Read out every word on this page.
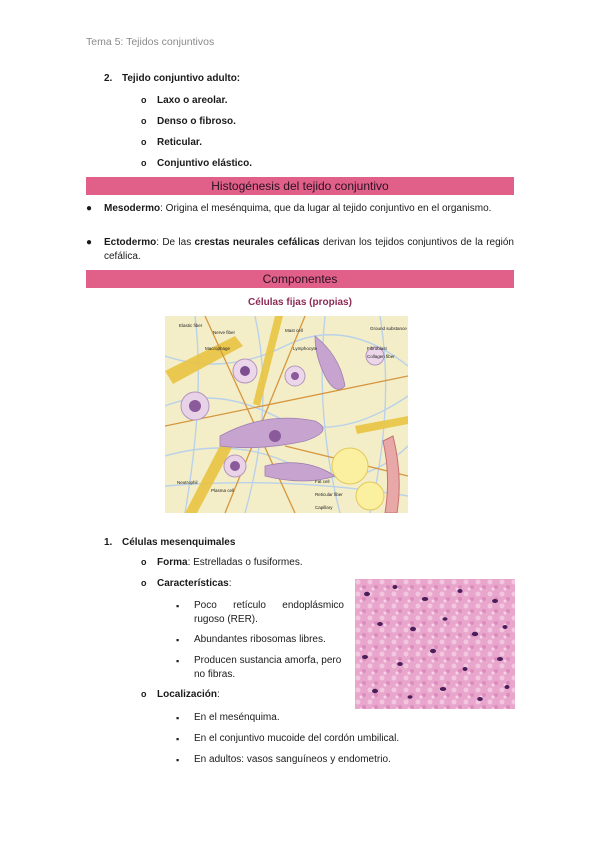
Tema 5: Tejidos conjuntivos
2. Tejido conjuntivo adulto:
o Laxo o areolar.
o Denso o fibroso.
o Reticular.
o Conjuntivo elástico.
Histogénesis del tejido conjuntivo
● Mesodermo: Origina el mesénquima, que da lugar al tejido conjuntivo en el organismo.
● Ectodermo: De las crestas neurales cefálicas derivan los tejidos conjuntivos de la región cefálica.
Componentes
Células fijas (propias)
Elastic fiber
Nerve fiber
Macrophage
Mast cell
Lymphocyte
Ground substance
Fibroblast
Collagen fiber
Neutrophil
Plasma cell
Fat cell
Reticular fiber
Capillary
1. Células mesenquimales
o Forma: Estrelladas o fusiformes.
o Características:
▪ Poco retículo endoplásmico rugoso (RER).
▪ Abundantes ribosomas libres.
▪ Producen sustancia amorfa, pero no fibras.
o Localización:
▪ En el mesénquima.
▪ En el conjuntivo mucoide del cordón umbilical.
▪ En adultos: vasos sanguíneos y endometrio.
